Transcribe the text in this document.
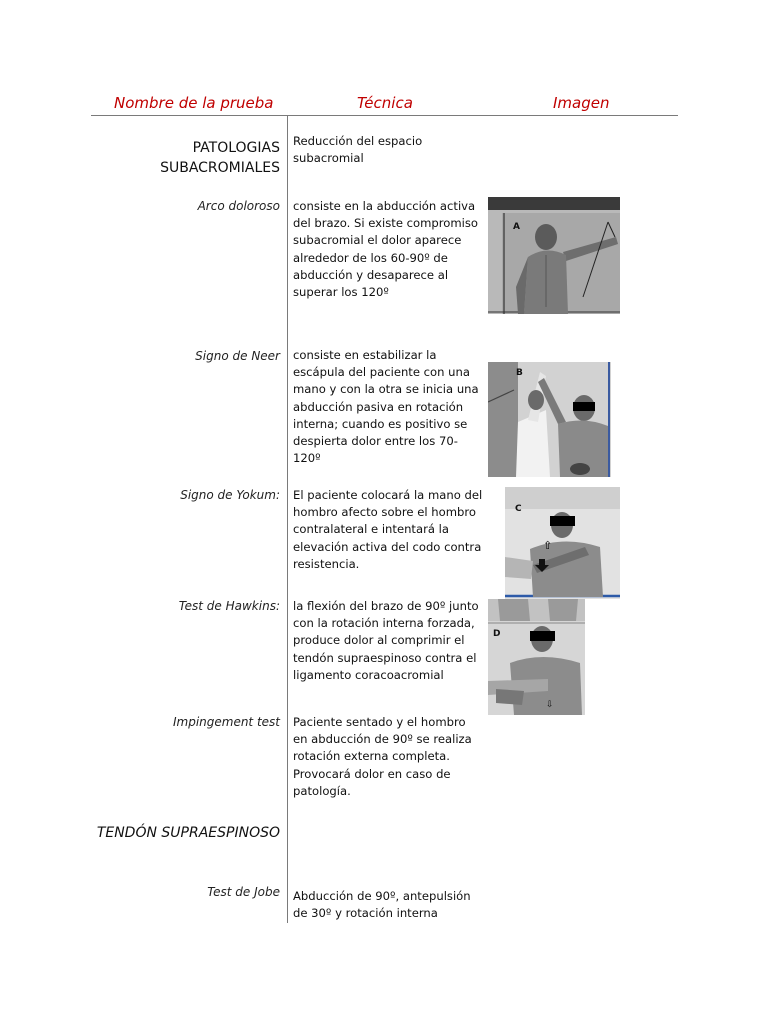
Nombre de la prueba	Técnica	Imagen
PATOLOGIAS
SUBACROMIALES
Reducción del espacio
subacromial
Arco doloroso consiste en la abducción activa
del brazo. Si existe compromiso
subacromial el dolor aparece
alrededor de los 60-90º de
abducción y desaparece al
superar los 120º
A
Signo de Neer consiste en estabilizar la
escápula del paciente con una
mano y con la otra se inicia una
abducción pasiva en rotación
interna; cuando es positivo se
despierta dolor entre los 70-
120º
B
Signo de Yokum: El paciente colocará la mano del
hombro afecto sobre el hombro
contralateral e intentará la
elevación activa del codo contra
resistencia.
⇧
C
Test de Hawkins: la flexión del brazo de 90º junto
con la rotación interna forzada,
produce dolor al comprimir el
tendón supraespinoso contra el
ligamento coracoacromial
⇩
D
Impingement test Paciente sentado y el hombro
en abducción de 90º se realiza
rotación externa completa.
Provocará dolor en caso de
patología.
TENDÓN SUPRAESPINOSO
Test de Jobe Abducción de 90º, antepulsión
de 30º y rotación interna
